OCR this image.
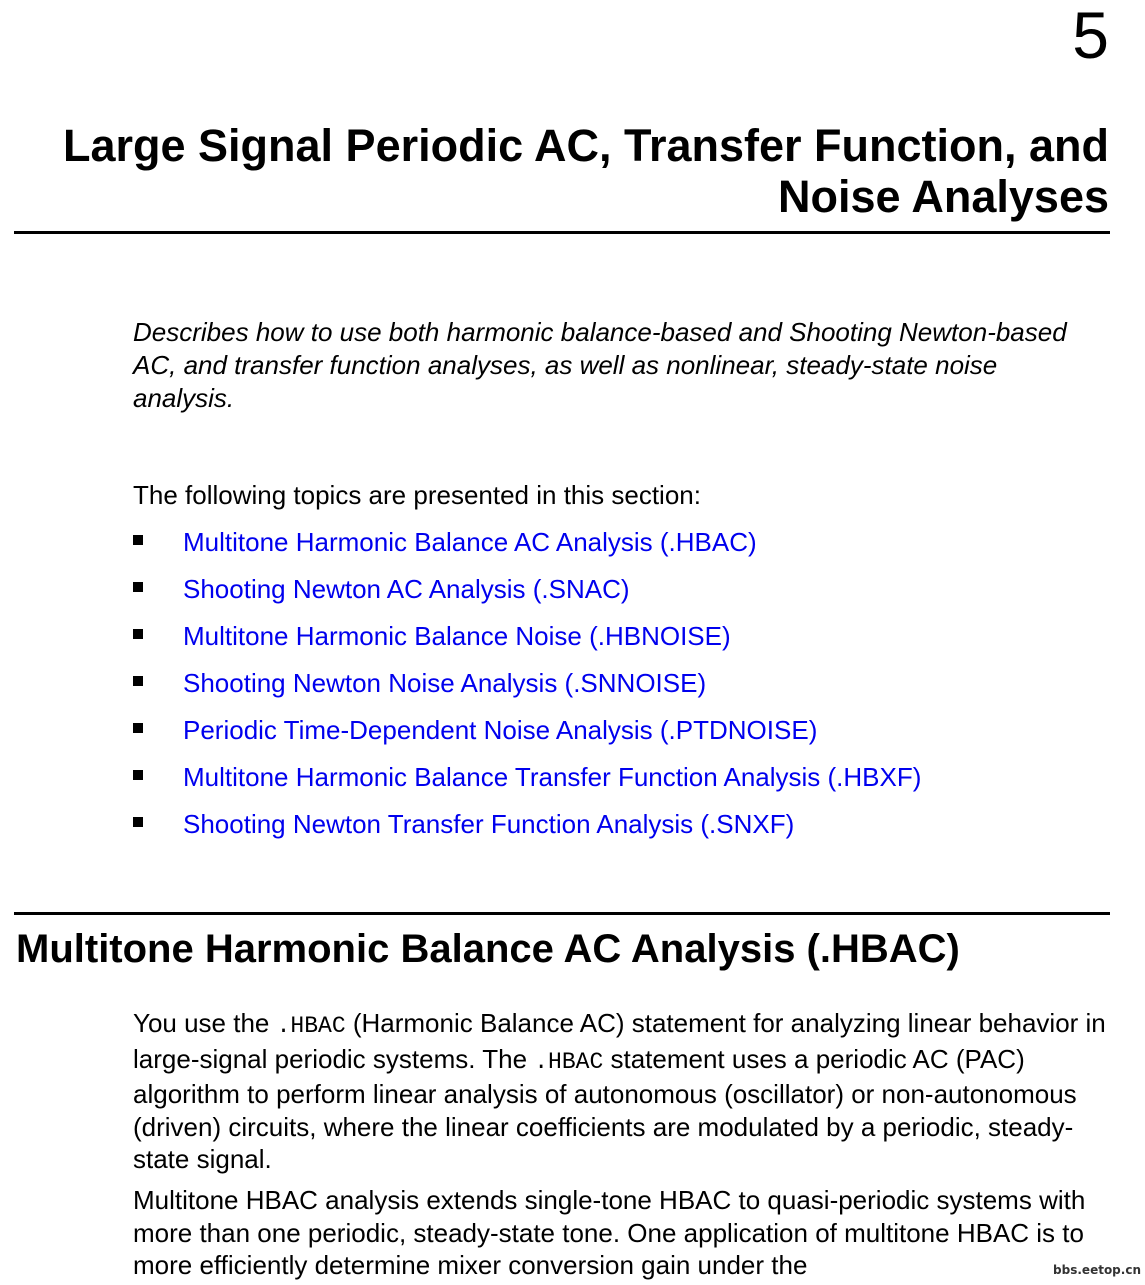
5
Large Signal Periodic AC, Transfer Function, and Noise Analyses

Describes how to use both harmonic balance-based and Shooting Newton-based AC, and transfer function analyses, as well as nonlinear, steady-state noise analysis.

The following topics are presented in this section:

Multitone Harmonic Balance AC Analysis (.HBAC)
Shooting Newton AC Analysis (.SNAC)
Multitone Harmonic Balance Noise (.HBNOISE)
Shooting Newton Noise Analysis (.SNNOISE)
Periodic Time-Dependent Noise Analysis (.PTDNOISE)
Multitone Harmonic Balance Transfer Function Analysis (.HBXF)
Shooting Newton Transfer Function Analysis (.SNXF)
Multitone Harmonic Balance AC Analysis (.HBAC)

You use the .HBAC (Harmonic Balance AC) statement for analyzing linear behavior in large-signal periodic systems. The .HBAC statement uses a periodic AC (PAC) algorithm to perform linear analysis of autonomous (oscillator) or non-autonomous (driven) circuits, where the linear coefficients are modulated by a periodic, steady-state signal.

Multitone HBAC analysis extends single-tone HBAC to quasi-periodic systems with more than one periodic, steady-state tone. One application of multitone HBAC is to more efficiently determine mixer conversion gain under the	bbs.eetop.cn
